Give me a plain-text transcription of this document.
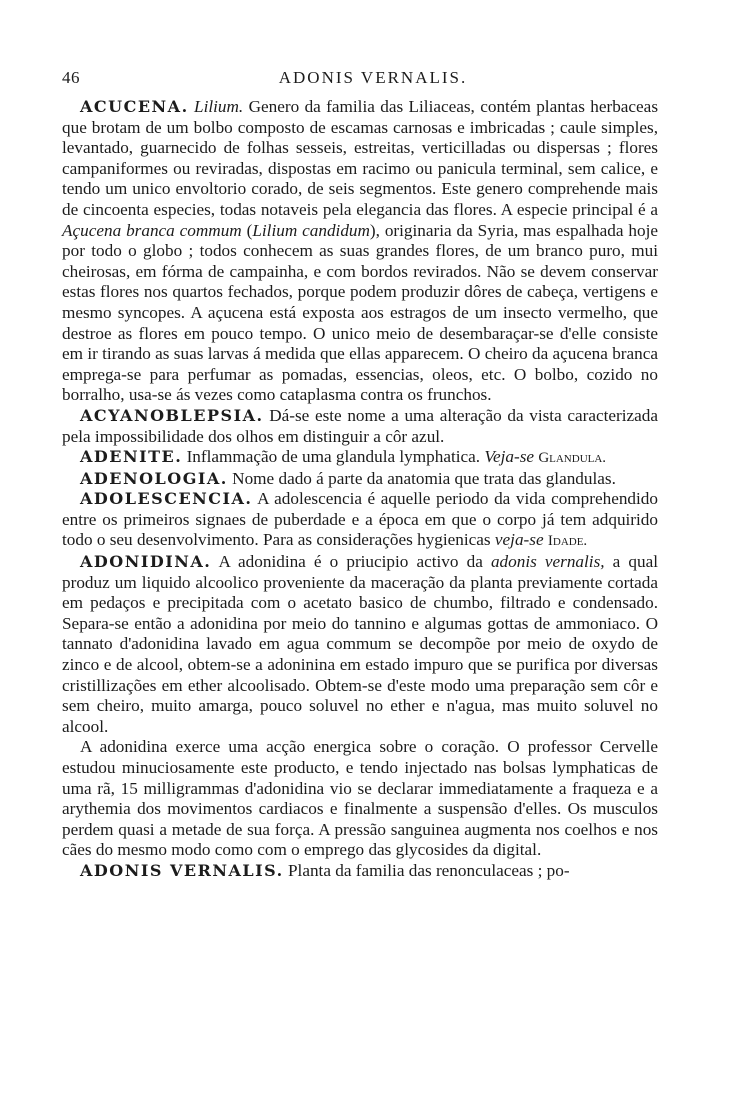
46	ADONIS VERNALIS.

ACUCENA. Lilium. Genero da familia das Liliaceas, contém plantas herbaceas que brotam de um bolbo composto de escamas carnosas e imbricadas ; caule simples, levantado, guarnecido de folhas sesseis, estreitas, verticilladas ou dispersas ; flores campaniformes ou reviradas, dispostas em racimo ou panicula terminal, sem calice, e tendo um unico envoltorio corado, de seis segmentos. Este genero comprehende mais de cincoenta especies, todas notaveis pela elegancia das flores. A especie principal é a Açucena branca commum (Lilium candidum), originaria da Syria, mas espalhada hoje por todo o globo ; todos conhecem as suas grandes flores, de um branco puro, mui cheirosas, em fórma de campainha, e com bordos revirados. Não se devem conservar estas flores nos quartos fechados, porque podem produzir dôres de cabeça, vertigens e mesmo syncopes. A açucena está exposta aos estragos de um insecto vermelho, que destroe as flores em pouco tempo. O unico meio de desembaraçar-se d'elle consiste em ir tirando as suas larvas á medida que ellas apparecem. O cheiro da açucena branca emprega-se para perfumar as pomadas, essencias, oleos, etc. O bolbo, cozido no borralho, usa-se ás vezes como cataplasma contra os frunchos.

ACYANOBLEPSIA. Dá-se este nome a uma alteração da vista caracterizada pela impossibilidade dos olhos em distinguir a côr azul.

ADENITE. Inflammação de uma glandula lymphatica. Veja-se Glandula.

ADENOLOGIA. Nome dado á parte da anatomia que trata das glandulas.

ADOLESCENCIA. A adolescencia é aquelle periodo da vida comprehendido entre os primeiros signaes de puberdade e a época em que o corpo já tem adquirido todo o seu desenvolvimento. Para as considerações hygienicas veja-se Idade.

ADONIDINA. A adonidina é o priucipio activo da adonis vernalis, a qual produz um liquido alcoolico proveniente da maceração da planta previamente cortada em pedaços e precipitada com o acetato basico de chumbo, filtrado e condensado. Separa-se então a adonidina por meio do tannino e algumas gottas de ammoniaco. O tannato d'adonidina lavado em agua commum se decompõe por meio de oxydo de zinco e de alcool, obtem-se a adoninina em estado impuro que se purifica por diversas cristillizações em ether alcoolisado. Obtem-se d'este modo uma preparação sem côr e sem cheiro, muito amarga, pouco soluvel no ether e n'agua, mas muito soluvel no alcool.

A adonidina exerce uma acção energica sobre o coração. O professor Cervelle estudou minuciosamente este producto, e tendo injectado nas bolsas lymphaticas de uma rã, 15 milligrammas d'adonidina vio se declarar immediatamente a fraqueza e a arythemia dos movimentos cardiacos e finalmente a suspensão d'elles. Os musculos perdem quasi a metade de sua força. A pressão sanguinea augmenta nos coelhos e nos cães do mesmo modo como com o emprego das glycosides da digital.

ADONIS VERNALIS. Planta da familia das renonculaceas ; po-
